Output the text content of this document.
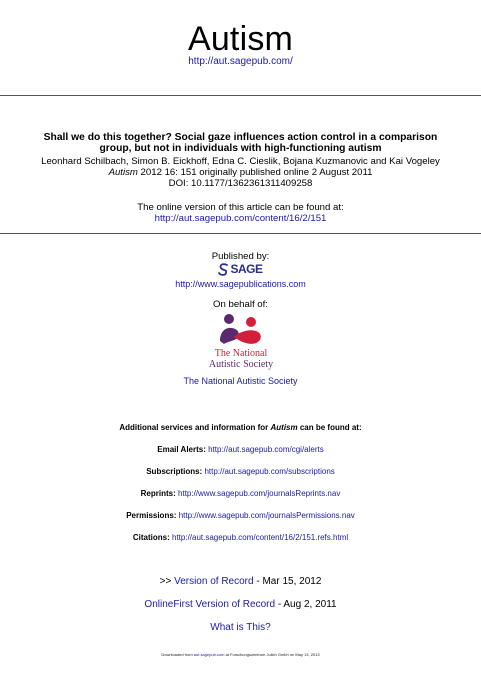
Autism
http://aut.sagepub.com/
Shall we do this together? Social gaze influences action control in a comparison
group, but not in individuals with high-functioning autism
Leonhard Schilbach, Simon B. Eickhoff, Edna C. Cieslik, Bojana Kuzmanovic and Kai Vogeley
Autism 2012 16: 151 originally published online 2 August 2011
DOI: 10.1177/1362361311409258
The online version of this article can be found at:
http://aut.sagepub.com/content/16/2/151
Published by:
SAGE
http://www.sagepublications.com
On behalf of:
The National
Autistic Society
The National Autistic Society
Additional services and information for Autism can be found at:
Email Alerts: http://aut.sagepub.com/cgi/alerts
Subscriptions: http://aut.sagepub.com/subscriptions
Reprints: http://www.sagepub.com/journalsReprints.nav
Permissions: http://www.sagepub.com/journalsPermissions.nav
Citations: http://aut.sagepub.com/content/16/2/151.refs.html
>> Version of Record - Mar 15, 2012
OnlineFirst Version of Record - Aug 2, 2011
What is This?
Downloaded from aut.sagepub.com at Forschungszentrum Julich Gmbh on May 13, 2013
